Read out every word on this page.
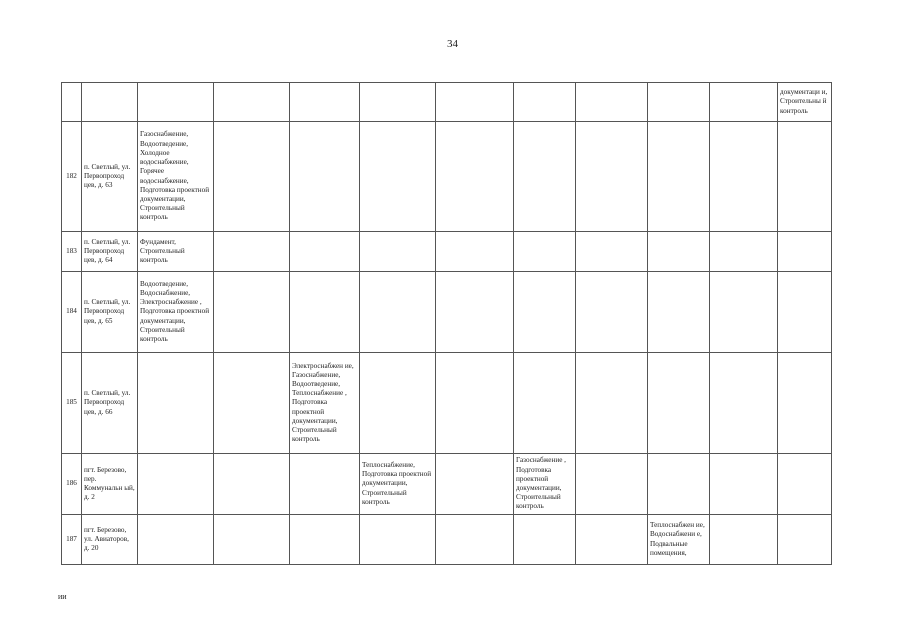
34
											документаци и, Строительны й контроль
182	п. Светлый, ул. Первопроход цев, д. 63	Газоснабжение, Водоотведение, Холодное водоснабжение, Горячее водоснабжение, Подготовка проектной документации, Строительный контроль									
183	п. Светлый, ул. Первопроход цев, д. 64	Фундамент, Строительный контроль									
184	п. Светлый, ул. Первопроход цев, д. 65	Водоотведение, Водоснабжение, Электроснабжение , Подготовка проектной документации, Строительный контроль									
185	п. Светлый, ул. Первопроход цев, д. 66			Электроснабжен ие, Газоснабжение, Водоотведение, Теплоснабжение , Подготовка проектной документации, Строительный контроль							
186	пгт. Березово, пер. Коммунальн ый, д. 2				Теплоснабжение, Подготовка проектной документации, Строительный контроль		Газоснабжение , Подготовка проектной документации, Строительный контроль				
187	пгт. Березово, ул. Авиаторов, д. 20								Теплоснабжен ие, Водоснабжени е, Подвальные помещения,		
ии
